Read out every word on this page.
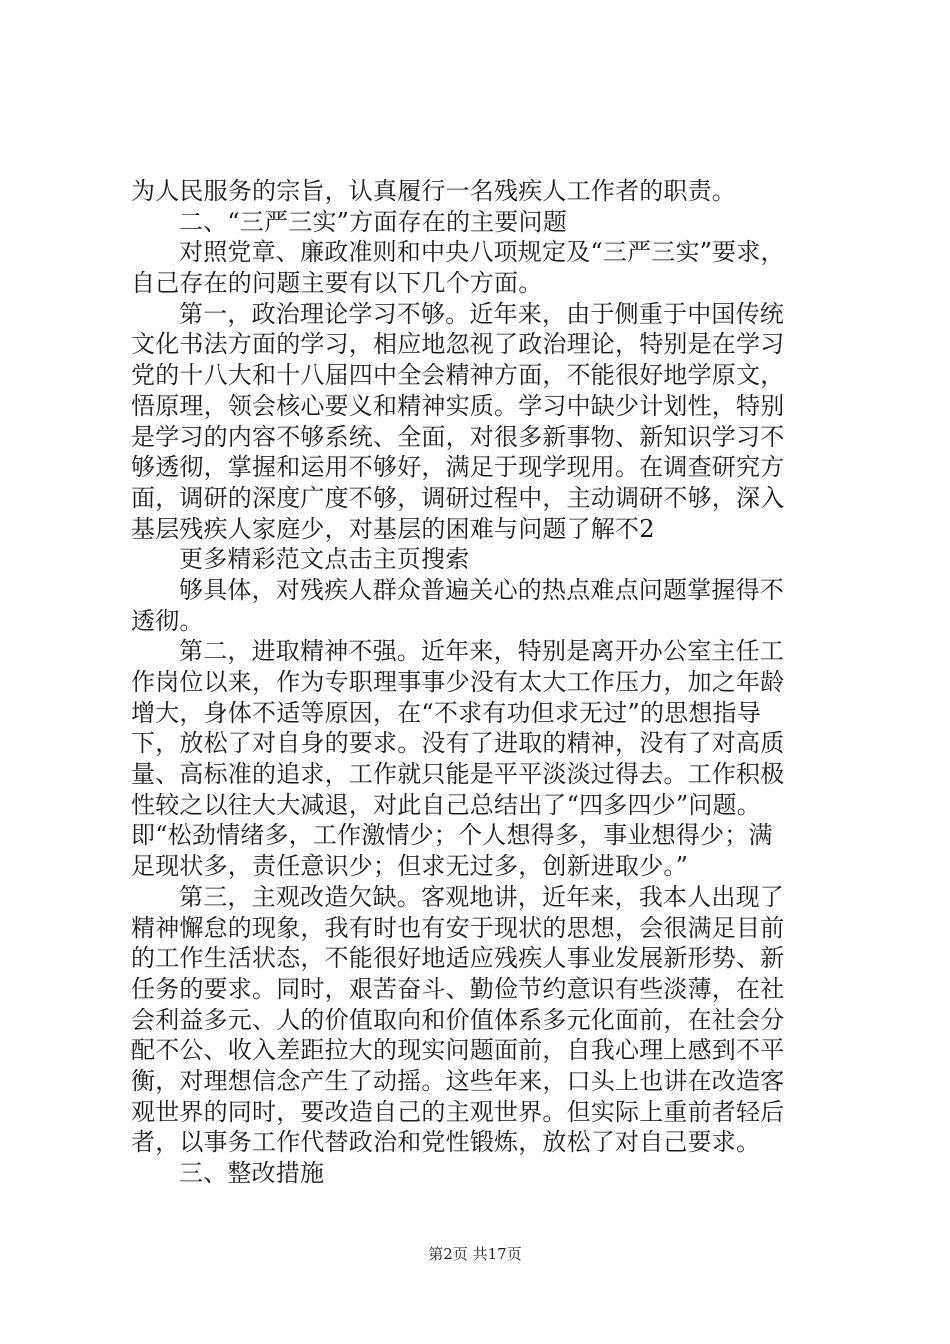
为人民服务的宗旨，认真履行一名残疾人工作者的职责。
二、“三严三实”方面存在的主要问题
对照党章、廉政准则和中央八项规定及“三严三实”要求，
自己存在的问题主要有以下几个方面。
第一，政治理论学习不够。近年来，由于侧重于中国传统
文化书法方面的学习，相应地忽视了政治理论，特别是在学习
党的十八大和十八届四中全会精神方面，不能很好地学原文，
悟原理，领会核心要义和精神实质。学习中缺少计划性，特别
是学习的内容不够系统、全面，对很多新事物、新知识学习不
够透彻，掌握和运用不够好，满足于现学现用。在调查研究方
面，调研的深度广度不够，调研过程中，主动调研不够，深入
基层残疾人家庭少，对基层的困难与问题了解不2
更多精彩范文点击主页搜索
够具体，对残疾人群众普遍关心的热点难点问题掌握得不
透彻。
第二，进取精神不强。近年来，特别是离开办公室主任工
作岗位以来，作为专职理事事少没有太大工作压力，加之年龄
增大，身体不适等原因，在“不求有功但求无过”的思想指导
下，放松了对自身的要求。没有了进取的精神，没有了对高质
量、高标准的追求，工作就只能是平平淡淡过得去。工作积极
性较之以往大大减退，对此自己总结出了“四多四少”问题。
即“松劲情绪多，工作激情少；个人想得多，事业想得少；满
足现状多，责任意识少；但求无过多，创新进取少。”
第三，主观改造欠缺。客观地讲，近年来，我本人出现了
精神懈怠的现象，我有时也有安于现状的思想，会很满足目前
的工作生活状态，不能很好地适应残疾人事业发展新形势、新
任务的要求。同时，艰苦奋斗、勤俭节约意识有些淡薄，在社
会利益多元、人的价值取向和价值体系多元化面前，在社会分
配不公、收入差距拉大的现实问题面前，自我心理上感到不平
衡，对理想信念产生了动摇。这些年来，口头上也讲在改造客
观世界的同时，要改造自己的主观世界。但实际上重前者轻后
者，以事务工作代替政治和党性锻炼，放松了对自己要求。
三、整改措施
第2页 共17页
